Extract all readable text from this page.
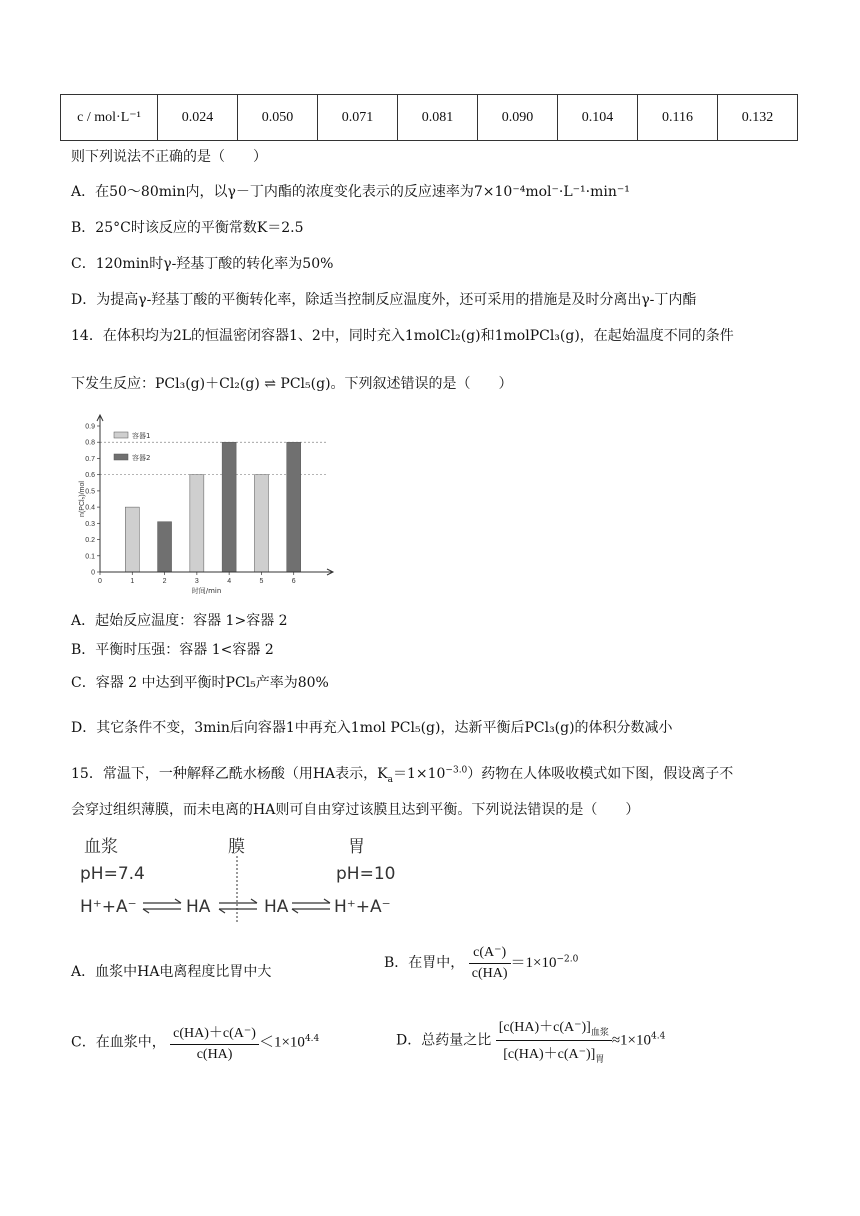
c / mol·L⁻¹	0.024	0.050	0.071	0.081	0.090	0.104	0.116	0.132
则下列说法不正确的是（　　）
A．在50～80min内，以γ－丁内酯的浓度变化表示的反应速率为7×10⁻⁴mol⁻·L⁻¹·min⁻¹
B．25°C时该反应的平衡常数K＝2.5
C．120min时γ-羟基丁酸的转化率为50%
D．为提高γ-羟基丁酸的平衡转化率，除适当控制反应温度外，还可采用的措施是及时分离出γ-丁内酯
14．在体积均为2L的恒温密闭容器1、2中，同时充入1molCl₂(g)和1molPCl₃(g)，在起始温度不同的条件
下发生反应：PCl₃(g)＋Cl₂(g) ⇌ PCl₅(g)。下列叙述错误的是（　　）
0
0.1
0.2
0.3
0.4
0.5
0.6
0.7
0.8
0.9
0	1	2	3	4	5	6
时间/min
n(PCl₅)/mol
容器1
容器2
A．起始反应温度：容器 1>容器 2
B．平衡时压强：容器 1<容器 2
C．容器 2 中达到平衡时PCl₅产率为80%
D．其它条件不变，3min后向容器1中再充入1mol PCl₅(g)，达新平衡后PCl₃(g)的体积分数减小
15．常温下，一种解释乙酰水杨酸（用HA表示，$K_a=1\times 10^{-3.0}$）药物在人体吸收模式如下图，假设离子不
会穿过组织薄膜，而未电离的HA则可自由穿过该膜且达到平衡。下列说法错误的是（　　）
血浆	膜	胃
pH=7.4	pH=10
H⁺+A⁻	HA	HA	H⁺+A⁻
A．血浆中HA电离程度比胃中大
B．在胃中， $\frac{c(A^-)}{c(HA)} =1\times 10^{-2.0}$
C．在血浆中， $\frac{c(HA)+c(A^-)}{c(HA)} <1\times 10^{4.4}$	D．总药量之比 $\frac{[c(HA)+c(A^-)]_{血浆}}{[c(HA)+c(A^-)]_胃} \approx 1\times 10^{4.4}$
